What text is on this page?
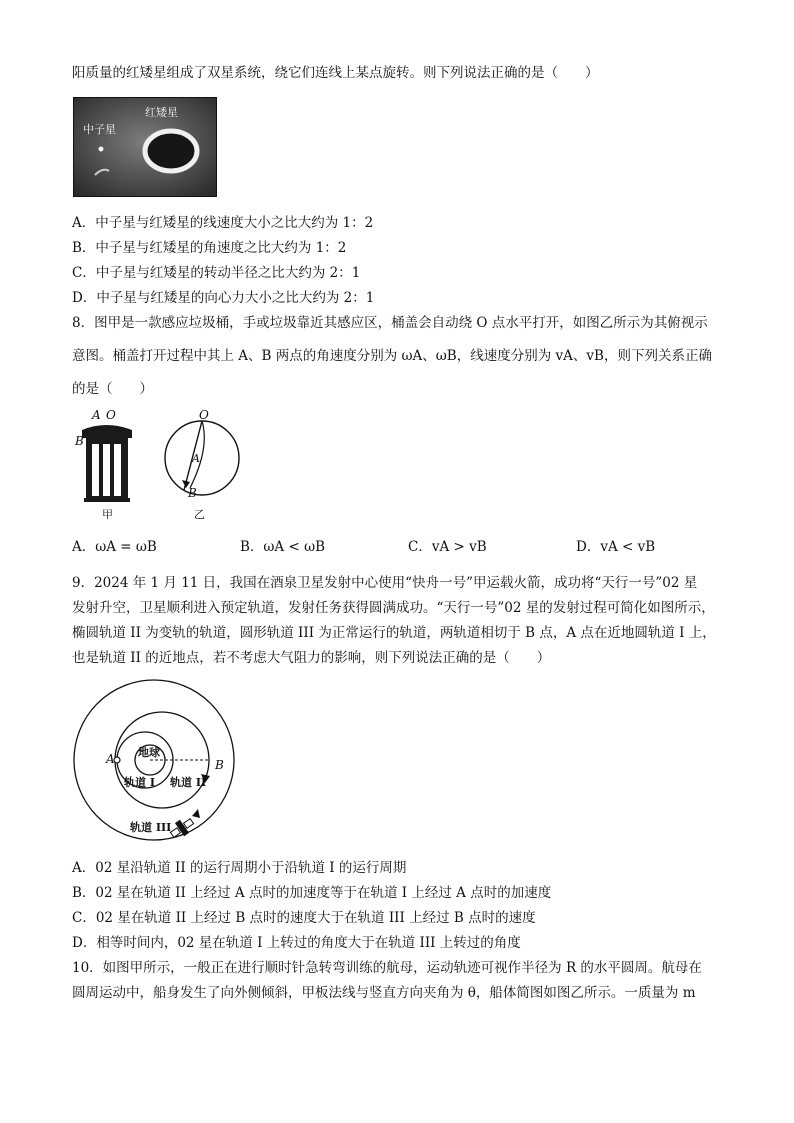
阳质量的红矮星组成了双星系统，绕它们连线上某点旋转。则下列说法正确的是（　　）
中子星
红矮星
A．中子星与红矮星的线速度大小之比大约为 1：2
B．中子星与红矮星的角速度之比大约为 1：2
C．中子星与红矮星的转动半径之比大约为 2：1
D．中子星与红矮星的向心力大小之比大约为 2：1
8．图甲是一款感应垃圾桶，手或垃圾靠近其感应区，桶盖会自动绕 O 点水平打开，如图乙所示为其俯视示
意图。桶盖打开过程中其上 A、B 两点的角速度分别为 ωA、ωB，线速度分别为 vA、vB，则下列关系正确
的是（　　）
A O
B
甲
O
A
B
乙
A．ωA = ωB	B．ωA < ωB	C．vA > vB	D．vA < vB
9．2024 年 1 月 11 日，我国在酒泉卫星发射中心使用“快舟一号”甲运载火箭，成功将“天行一号”02 星
发射升空，卫星顺利进入预定轨道，发射任务获得圆满成功。“天行一号”02 星的发射过程可简化如图所示，
椭圆轨道 II 为变轨的轨道，圆形轨道 III 为正常运行的轨道，两轨道相切于 B 点，A 点在近地圆轨道 I 上，
也是轨道 II 的近地点，若不考虑大气阻力的影响，则下列说法正确的是（　　）
A	B
地球
轨道 I 轨道 II
轨道 III
A．02 星沿轨道 II 的运行周期小于沿轨道 I 的运行周期
B．02 星在轨道 II 上经过 A 点时的加速度等于在轨道 I 上经过 A 点时的加速度
C．02 星在轨道 II 上经过 B 点时的速度大于在轨道 III 上经过 B 点时的速度
D．相等时间内，02 星在轨道 I 上转过的角度大于在轨道 III 上转过的角度
10．如图甲所示，一般正在进行顺时针急转弯训练的航母，运动轨迹可视作半径为 R 的水平圆周。航母在
圆周运动中，船身发生了向外侧倾斜，甲板法线与竖直方向夹角为 θ，船体简图如图乙所示。一质量为 m
